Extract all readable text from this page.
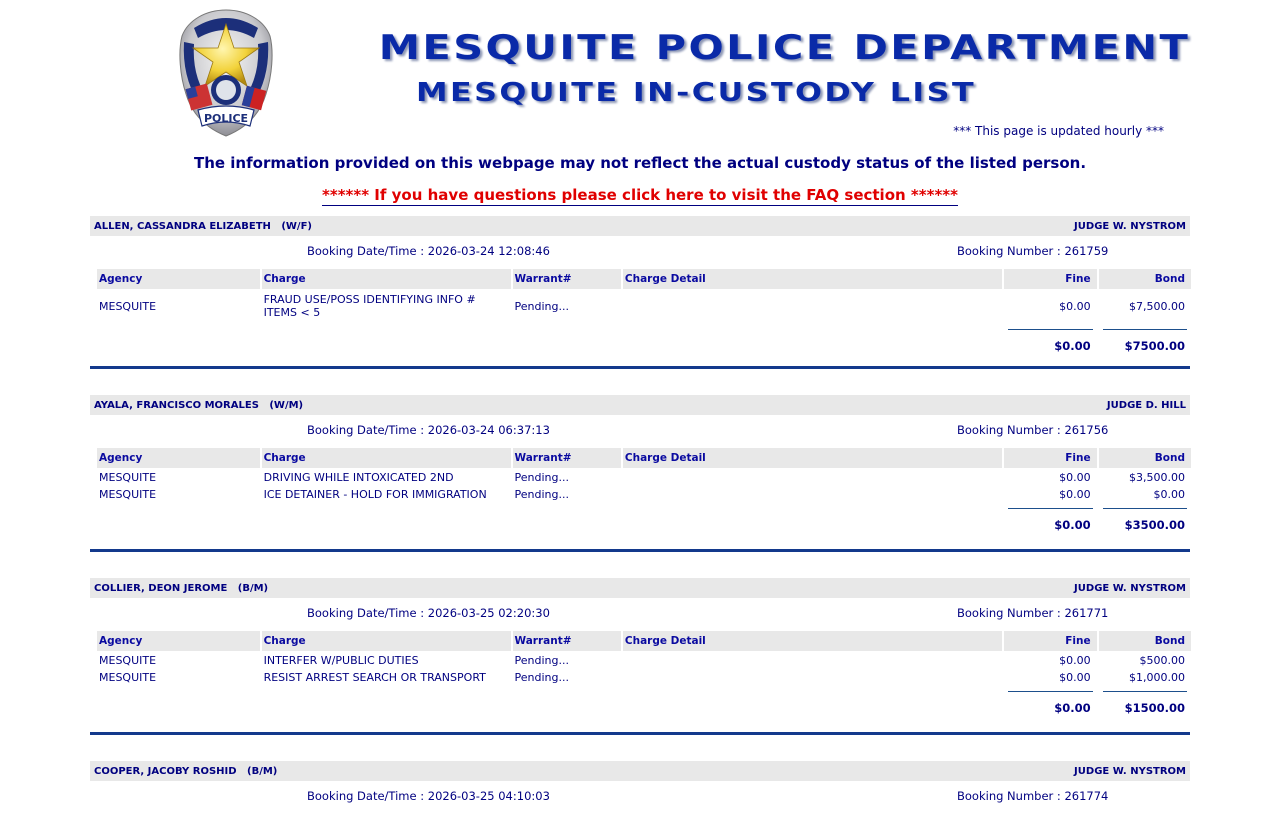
POLICE
MESQUITE POLICE DEPARTMENT
MESQUITE IN-CUSTODY LIST
*** This page is updated hourly ***
The information provided on this webpage may not reflect the actual custody status of the listed person.
****** If you have questions please click here to visit the FAQ section ******
ALLEN, CASSANDRA ELIZABETH   (W/F)	JUDGE W. NYSTROM
Booking Date/Time : 2026-03-24 12:08:46	Booking Number : 261759
Agency	Charge	Warrant#	Charge Detail	Fine	Bond
MESQUITE	FRAUD USE/POSS IDENTIFYING INFO # ITEMS < 5	Pending...		$0.00	$7,500.00

				$0.00	$7500.00
AYALA, FRANCISCO MORALES   (W/M)	JUDGE D. HILL
Booking Date/Time : 2026-03-24 06:37:13	Booking Number : 261756
Agency	Charge	Warrant#	Charge Detail	Fine	Bond
MESQUITE	DRIVING WHILE INTOXICATED 2ND	Pending...		$0.00	$3,500.00
MESQUITE	ICE DETAINER - HOLD FOR IMMIGRATION	Pending...		$0.00	$0.00

				$0.00	$3500.00
COLLIER, DEON JEROME   (B/M)	JUDGE W. NYSTROM
Booking Date/Time : 2026-03-25 02:20:30	Booking Number : 261771
Agency	Charge	Warrant#	Charge Detail	Fine	Bond
MESQUITE	INTERFER W/PUBLIC DUTIES	Pending...		$0.00	$500.00
MESQUITE	RESIST ARREST SEARCH OR TRANSPORT	Pending...		$0.00	$1,000.00

				$0.00	$1500.00
COOPER, JACOBY ROSHID   (B/M)	JUDGE W. NYSTROM
Booking Date/Time : 2026-03-25 04:10:03	Booking Number : 261774
